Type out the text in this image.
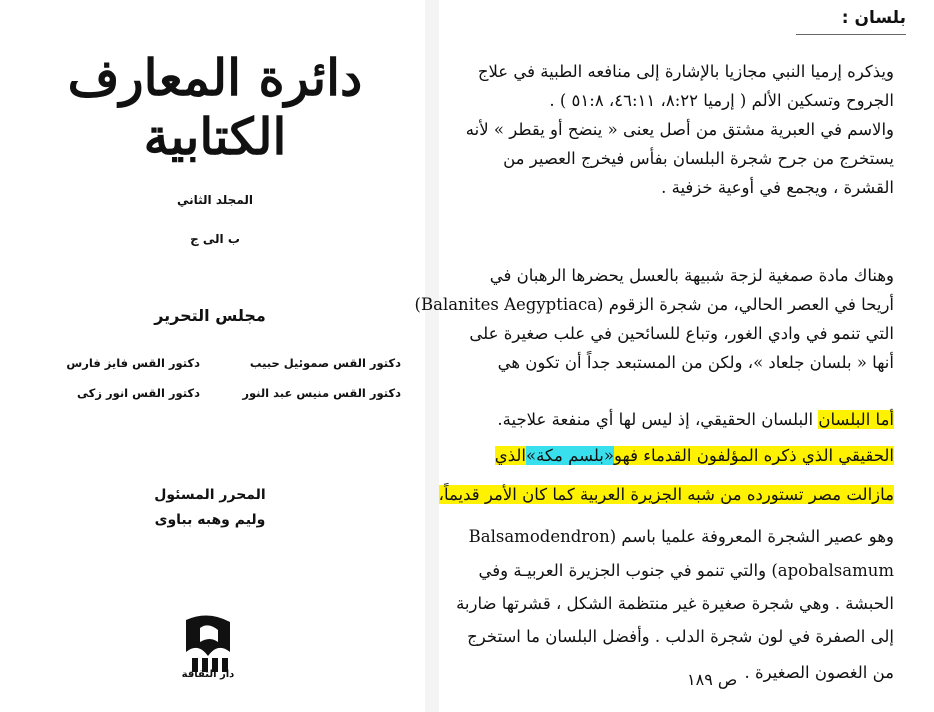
دائرة المعارف الكتابية
المجلد الثاني
ب الى ج
مجلس التحرير
دكتور القس صموئيل حبيب
دكتور القس فايز فارس
دكتور القس منيس عبد النور
دكتور القس انور زكى
المحرر المسئول
وليم وهبه بباوى
دار الثقافة
بلسان :
ويذكره إرميا النبي مجازيا بالإشارة إلى منافعه الطبية في علاج
الجروح وتسكين الألم ( إرميا ٨:٢٢، ٤٦:١١، ٥١:٨ ) .
والاسم في العبرية مشتق من أصل يعنى « ينضح أو يقطر » لأنه
يستخرج من جرح شجرة البلسان بفأس فيخرج العصير من
القشرة ، ويجمع في أوعية خزفية .
وهناك مادة صمغية لزجة شبيهة بالعسل يحضرها الرهبان في
أريحا في العصر الحالي، من شجرة الزقوم (Balanites Aegyptiaca)
التي تنمو في وادي الغور، وتباع للسائحين في علب صغيرة على
أنها « بلسان جلعاد »، ولكن من المستبعد جداً أن تكون هي
أما البلسان البلسان الحقيقي، إذ ليس لها أي منفعة علاجية.
الحقيقي الذي ذكره المؤلفون القدماء فهو«بلسم مكة»الذي
مازالت مصر تستورده من شبه الجزيرة العربية كما كان الأمر قديماً،
وهو عصير الشجرة المعروفة علميا باسم (Balsamodendron
apobalsamum) والتي تنمو في جنوب الجزيرة العربيـة وفي
الحبشة . وهي شجرة صغيرة غير منتظمة الشكل ، قشرتها ضاربة
إلى الصفرة في لون شجرة الدلب . وأفضل البلسان ما استخرج
من الغصون الصغيرة .
ص ١٨٩
